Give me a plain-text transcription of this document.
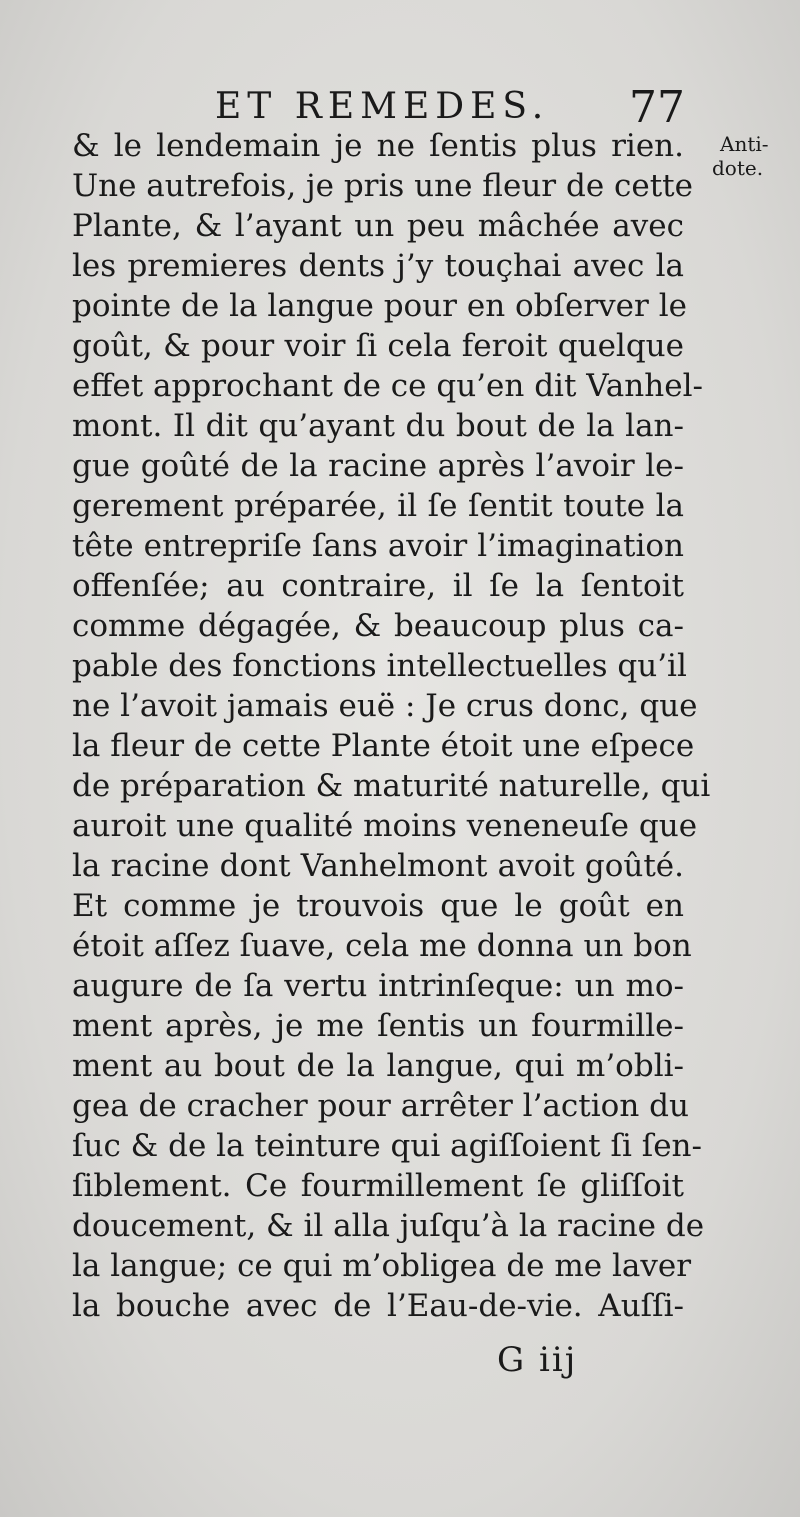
ET REMEDES. 77
Anti-
dote.
& le lendemain je ne ſentis plus rien.
Une autrefois, je pris une fleur de cette
Plante, & l’ayant un peu mâchée avec
les premieres dents j’y touçhai avec la
pointe de la langue pour en obſerver le
goût, & pour voir ſi cela feroit quelque
effet approchant de ce qu’en dit Vanhel-
mont. Il dit qu’ayant du bout de la lan-
gue goûté de la racine après l’avoir le-
gerement préparée, il ſe ſentit toute la
tête entrepriſe ſans avoir l’imagination
offenſée; au contraire, il ſe la ſentoit
comme dégagée, & beaucoup plus ca-
pable des fonctions intellectuelles qu’il
ne l’avoit jamais euë : Je crus donc, que
la fleur de cette Plante étoit une eſpece
de préparation & maturité naturelle, qui
auroit une qualité moins veneneuſe que
la racine dont Vanhelmont avoit goûté.
Et comme je trouvois que le goût en
étoit aſſez ſuave, cela me donna un bon
augure de ſa vertu intrinſeque: un mo-
ment après, je me ſentis un fourmille-
ment au bout de la langue, qui m’obli-
gea de cracher pour arrêter l’action du
ſuc & de la teinture qui agiſſoient ſi ſen-
ſiblement. Ce fourmillement ſe gliſſoit
doucement, & il alla juſqu’à la racine de
la langue; ce qui m’obligea de me laver
la bouche avec de l’Eau-de-vie. Auſſi-
G iij
